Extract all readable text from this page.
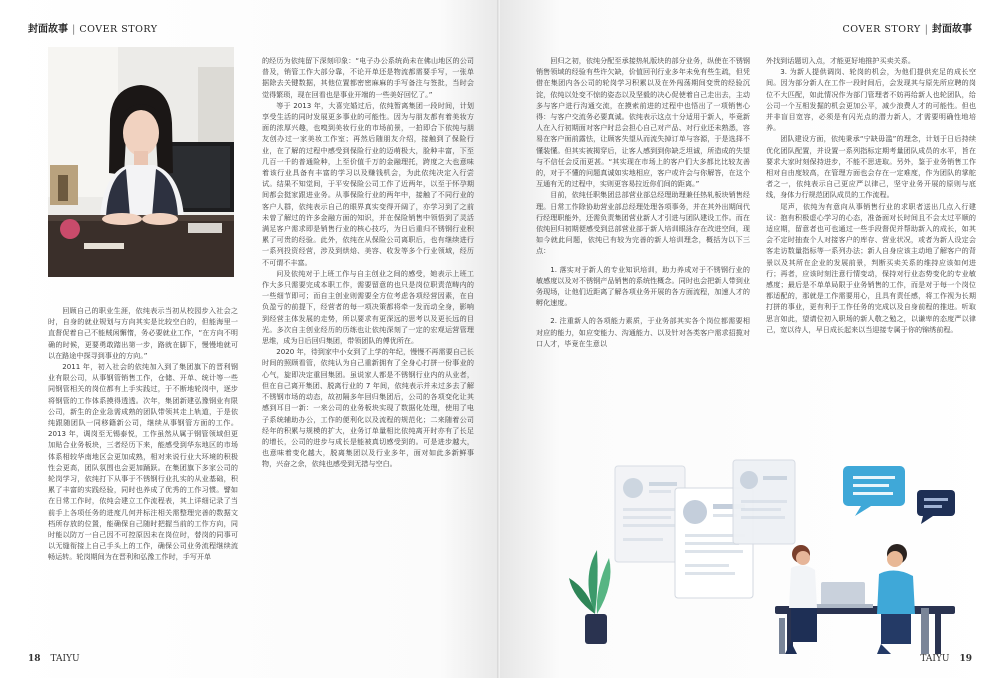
封面故事 | COVER STORY

回顾自己的职业生涯，依纯表示当初从校园步入社会之时，自身的就业规划与方向其实是比较空白的，但能海里一直督促着自己不能贼闲懈惰，务必要就业工作，“在方向不明确的时候，更要勇敢踏出第一步，路就在脚下，慢慢地就可以在路途中探寻到事业的方向。”

2011 年，初入社会的依纯加入到了集团旗下的晋利钢业有限公司，从事钢管销售工作，仓储、开单、统计等一些同钢管相关的岗位都有上手实践过，于不断地轮岗中，逐步将钢管的工作体系摸得透透。次年，集团新建弘豫钢业有限公司，新生的企业急需成熟的团队带领其走上轨道，于是依纯跟随团队一同移籍新公司，继续从事钢管方面的工作。2013 年，调岗至无锡泰悦，工作虽然从属于钢管领域但更加贴合业务板块，三者经历下来，能感受到华东地区的市场体系相较华南地区会更加成熟，相对来说行业大环境的积极性会更高，团队氛围也会更加踊跃。在集团旗下多家公司的轮岗学习，依纯打下从事于不锈钢行业扎实的从业基础，积累了丰富的实践经验，同时也养成了优秀的工作习惯。譬如在日常工作时，依纯会建立工作流程表，其上详细记录了当前手上各项任务的进度几何并标注相关需整理完善的数据文档所存放的位置，能确保自己随时把握当前的工作方向，同时能以防万一自己因不可控原因未在岗位时，替岗的同事可以无缝衔接上自己手头上的工作，确保公司业务流程继续流畅运转。轮岗期间为在晋利和弘豫工作时，手写开单

的经历为依纯留下深刻印象：“电子办公系统尚未在佛山地区的公司普及，销管工作大部分靠，不论开单还是物流都需要手写，一张单据除去关键数据，其他位置都密密麻麻的手写备注与签批，当时会觉得繁琐，现在回看也是事业开端的一些美好回忆了。”

等于 2013 年，大喜完婚过后，依纯暂离集团一段时间，计划享受生活的同时发展更多事业的可能性。因为与朋友都有着美妆方面的浓厚兴趣，也嗅到美妆行业的市场前景，一拍即合下依纯与朋友创办过一家美妆工作室；再然后随朋友介绍，接触到了保险行业，在了解的过程中感受到保险行业的迈萌极大，脸种丰富，下至几百一千的普通险种，上至价值千万的金融理托，跨度之大也意味着该行业具备有丰富的学习以及赚钱机会，为此依纯决定入行尝试。结果不知觉间，于平安保险公司工作了近两年，以至于怀孕期间都会挺家跟进业务。从事保险行业的两年中，接触了不同行业的客户人群，依纯表示自己的眼界真实变得开阔了，亦学习到了之前未曾了解过的许多金融方面的知识，并在保险销售中领悟到了灵活满足客户需求即是销售行业的核心技巧，为日后重归不锈钢行业积累了可贵的经验。此外，依纯在从保险公司离职后，也有继续进行一系列投资经营，涉及到烘焙、美容、收发等多个行业领域，经历不可谓不丰富。

问及依纯对于上班工作与自主创业之间的感受，她表示上班工作大多只需要完成本职工作，需要留意的也只是岗位职责范畴内的一些细节即可；而自主创业则需要全方位考虑各项经营因素，在自负盈亏的前提下，经营者的每一项决策都将牵一发而动全身，影响到经营主体发展的走势，所以要求有更深远的思考以及更长远的目光。多次自主创业经历的历练也让依纯深刻了一定的宏观运营管理思维，成为日后回归集团，带领团队的傅优所在。

2020 年，待到家中小女到了上学的年纪，慢慢不再需要自己长时间的照顾看管，依纯认为自己重新拥有了全身心打拼一份事业的心气，旋即决定重回集团。虽说家人都是不锈钢行业内的从业者，但在自己离开集团、脱离行业的 7 年间，依纯表示并未过多去了解不锈钢市场的动态，故初隔多年回归集团后，公司的各项变化让其感到耳目一新：一来公司的业务板块实现了数据化处理，使用了电子系统辅助办公，工作的便利化以及流程的规范化；二来随着公司经年的积累与规模的扩大，业务订单量相比依纯离开时亦有了长足的增长，公司的进步与成长是能被真切感受到的。可是进步越大，也意味着变化越大，脱离集团以及行业多年，面对如此多新鲜事物，兴奋之余，依纯也感受到无措与空白。

18 TAIYU
COVER STORY | 封面故事

回归之初，依纯分配至承接热轧版块的部分业务，纵使在不锈钢销售领域的经验有些许欠缺，价值回刊行业多年未免有些生疏，但凭借在集团内各公司的轮岗学习积累以及在外闯荡期间变贵的经验沉淀，依纯以处变不惊的姿态以及坚毅的决心促使着自己走出去，主动多与客户进行沟通交流，在摸索前进的过程中也悟出了一项销售心得：与客户交流务必要真诚。依纯表示这点十分适用于新人，毕竟新人在入行初期面对客户时总会担心自己对产品、对行业还未熟悉，容易在客户面前露怯，让顾客失望从而流失掉订单与容源，于是选择不懂装懂。但其实被揭穿后，让客人感到到你缺乏坦诚，所造成的失望与不信任会反而更甚。“其实现在市场上的客户们大多都比比较友善的，对于不懂的问题真诚如实地相应，客户或许会与你解答，在这个互通有无的过程中，实则更容易拉近你们间的距离。”

目前，依纯任职集团总部营业部总经理助理兼任热轧板块销售经理。日常工作除协助营业部总经理处理各项事务，并在其外出期间代行经理职能外，还需负责集团营业新人才引进与团队建设工作。而在依纯回归初期便感受到总部营业部于新人培训眼泳存在改进空间，现如今就此问题，依纯已有较为完善的新人培训理念，概括为以下三点：

1. 落实对于新人的专业知识培训，助力养成对于不锈钢行业的敏感度以及对不锈钢产品销售的系统性概念。同时也会把新人带到业务现场，让他们近距离了解各项业务开展的各方面流程，加速人才的孵化速度。

2. 注重新人的各项能力素质，于业务部其实各个岗位都需要相对应的能力，如应变能力、沟通能力、以及针对各类客户需求招揽对口人才，毕竟在生意以

外找到话题切入点，才能更好地推护买卖关系。

3. 为新人提供调岗、轮岗的机会，为他们提供充足的成长空间。因为部分新人在工作一段时间后，会发现其与原先所应聘的岗位不大匹配，如此情况作为部门管理者不妨再给新人也轮团队，给公司一个互相发掘的机会更加公平，减少浪费人才的可能性。但也并非盲目宽容，必须是有闪光点的潜力新人，才需要明确性地培养。

团队建设方面，依纯秉承“宁缺毋滥”的理念，计划于日后持续优化团队配置，并设置一系列指标定期考量团队成员的水平，旨在要求大家时刻保持进步，不能不思进取。另外，鉴于业务销售工作相对自由度较高，在管理方面也会存在一定难度，作为团队的掌舵者之一，依纯表示自己更应严以律己，坚守业务开展的原则与底线，身体力行规范团队成员的工作流程。

尾声，依纯为有意向从事销售行业的求职者送出几点入行建议：抱有积极虚心学习的心态，准备面对长时间且不会太过平顺的适应期，留意者也可也通过一些手段督促并帮助新入的成长，如其会不定时抽查个人对接客户的库存、营业状况，或者为新人设定会客走访数量指标等一系列办法；新人自身应该主动地了解客户的背景以及其所在企业的发展前景，判断买卖关系的维持应该如何进行；再者，应该时刻注意行情变动，保持对行业态势变化的专业敏感度；最后是不单单局限于业务销售的工作，而是对于每一个岗位都适配的，那就是工作需要用心，且具有责任感，将工作视为长期打拼的事业，更有利于工作任务的完成以及自身前程的推进。听取思言如此，望请位初入职场的新人敬之勉之，以谦卑的态度严以律己，宽以待人，早日成长起来以当迎接专属于你的锦绣前程。

TAIYU 19
